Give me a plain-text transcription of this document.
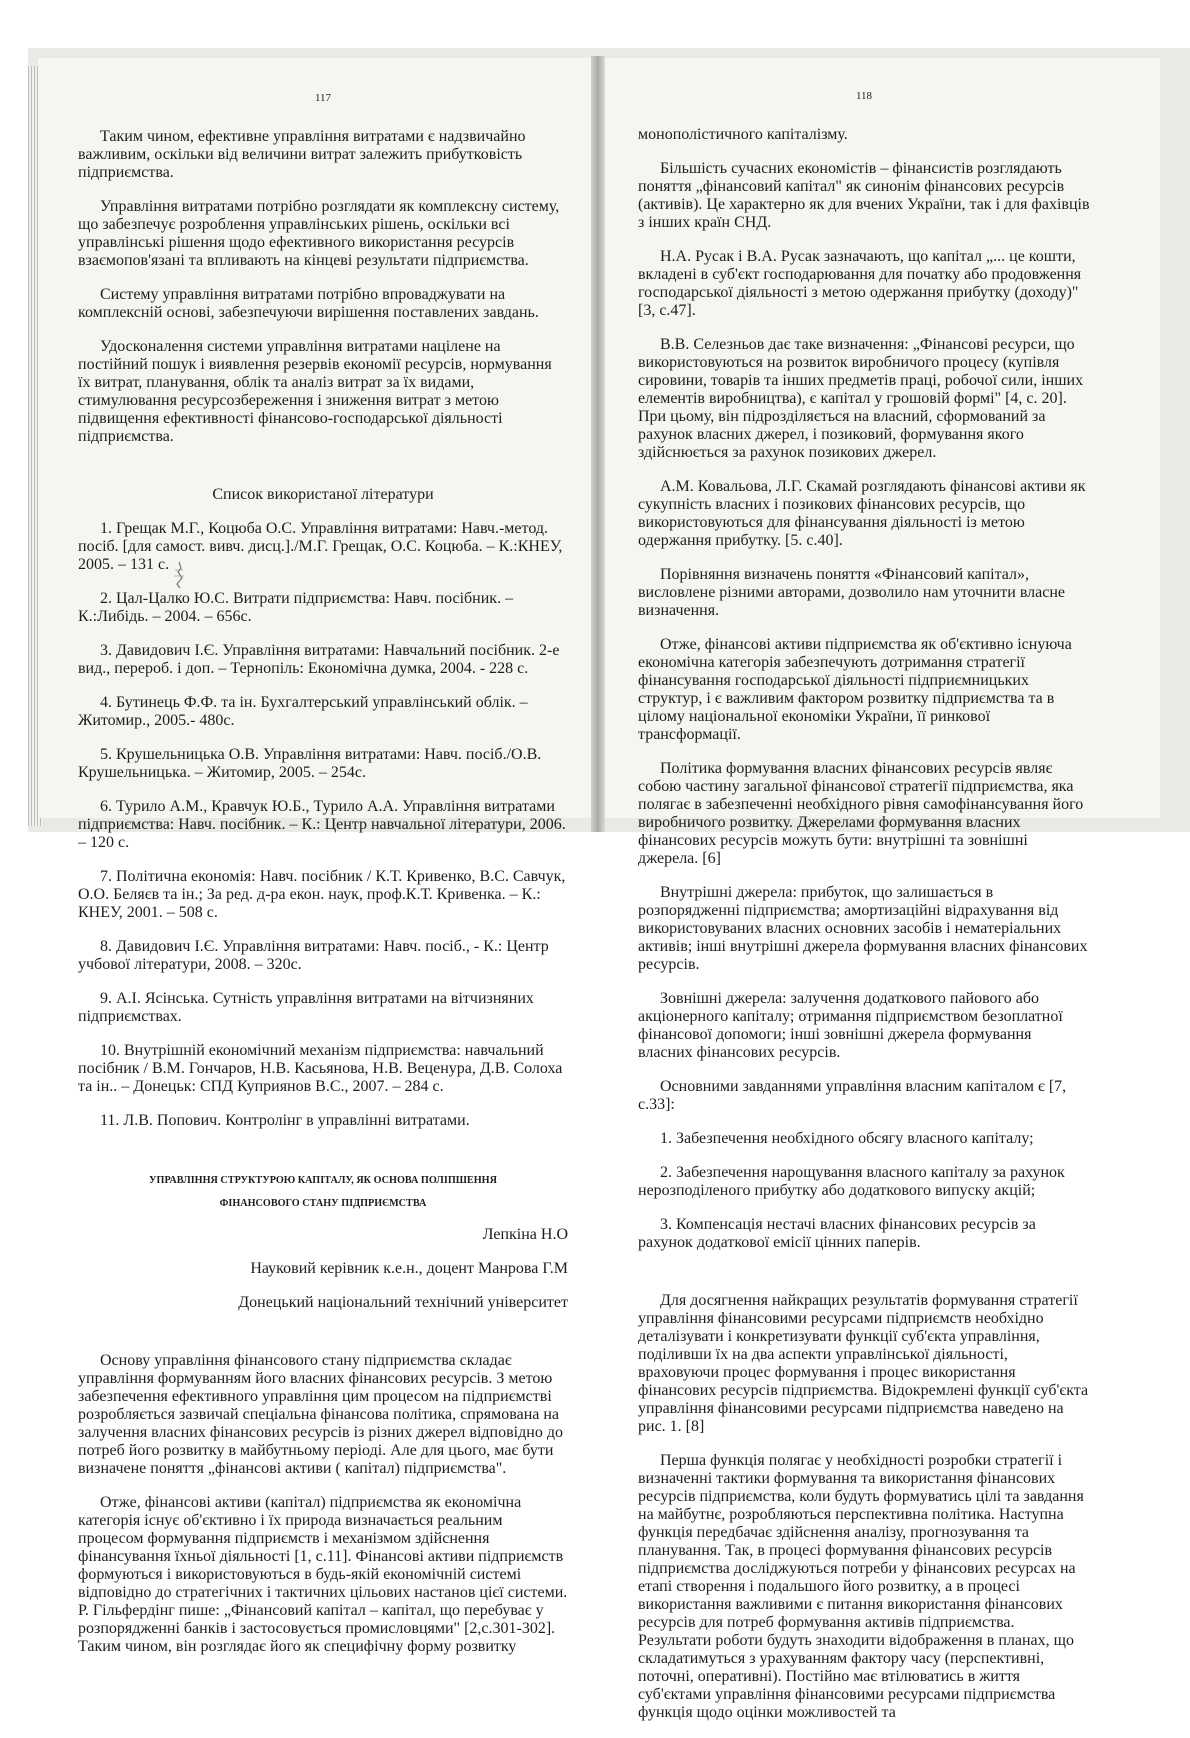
117

Таким чином, ефективне управління витратами є надзвичайно важливим, оскільки від величини витрат залежить прибутковість підприємства.

Управління витратами потрібно розглядати як комплексну систему, що забезпечує розроблення управлінських рішень, оскільки всі управлінські рішення щодо ефективного використання ресурсів взаємопов'язані та впливають на кінцеві результати підприємства.

Систему управління витратами потрібно впроваджувати на комплексній основі, забезпечуючи вирішення поставлених завдань.

Удосконалення системи управління витратами націлене на постійний пошук і виявлення резервів економії ресурсів, нормування їх витрат, планування, облік та аналіз витрат за їх видами, стимулювання ресурсозбереження і зниження витрат з метою підвищення ефективності фінансово-господарської діяльності підприємства.

Список використаної літератури

1. Грещак М.Г., Коцюба О.С. Управління витратами: Навч.-метод. посіб. [для самост. вивч. дисц.]./М.Г. Грещак, О.С. Коцюба. – К.:КНЕУ, 2005. – 131 с.

2. Цал-Цалко Ю.С. Витрати підприємства: Навч. посібник. – К.:Либідь. – 2004. – 656с.

3. Давидович І.Є. Управління витратами: Навчальний посібник. 2-е вид., перероб. і доп. – Тернопіль: Економічна думка, 2004. - 228 с.

4. Бутинець Ф.Ф. та ін. Бухгалтерський управлінський облік. – Житомир., 2005.- 480с.

5. Крушельницька О.В. Управління витратами: Навч. посіб./О.В. Крушельницька. – Житомир, 2005. – 254с.

6. Турило А.М., Кравчук Ю.Б., Турило А.А. Управління витратами підприємства: Навч. посібник. – К.: Центр навчальної літератури, 2006. – 120 с.

7. Політична економія: Навч. посібник / К.Т. Кривенко, В.С. Савчук, О.О. Беляєв та ін.; За ред. д-ра екон. наук, проф.К.Т. Кривенка. – К.: КНЕУ, 2001. – 508 с.

8. Давидович І.Є. Управління витратами: Навч. посіб., - К.: Центр учбової літератури, 2008. – 320с.

9. А.І. Ясінська. Сутність управління витратами на вітчизняних підприємствах.

10. Внутрішній економічний механізм підприємства: навчальний посібник / В.М. Гончаров, Н.В. Касьянова, Н.В. Веценура, Д.В. Солоха та ін.. – Донецьк: СПД Куприянов В.С., 2007. – 284 с.

11. Л.В. Попович. Контролінг в управлінні витратами.

УПРАВЛІННЯ СТРУКТУРОЮ КАПІТАЛУ, ЯК ОСНОВА ПОЛІПШЕННЯ

ФІНАНСОВОГО СТАНУ ПІДПРИЄМСТВА

Лепкіна Н.О

Науковий керівник к.е.н., доцент Манрова Г.М

Донецький національний технічний університет

Основу управління фінансового стану підприємства складає управління формуванням його власних фінансових ресурсів. З метою забезпечення ефективного управління цим процесом на підприємстві розробляється зазвичай спеціальна фінансова політика, спрямована на залучення власних фінансових ресурсів із різних джерел відповідно до потреб його розвитку в майбутньому періоді. Але для цього, має бути визначене поняття „фінансові активи ( капітал) підприємства".

Отже, фінансові активи (капітал) підприємства як економічна категорія існує об'єктивно і їх природа визначається реальним процесом формування підприємств і механізмом здійснення фінансування їхньої діяльності [1, с.11]. Фінансові активи підприємств формуються і використовуються в будь-якій економічній системі відповідно до стратегічних і тактичних цільових настанов цієї системи. Р. Гільфердінг пише: „Фінансовий капітал – капітал, що перебуває у розпорядженні банків і застосовується промисловцями" [2,с.301-302]. Таким чином, він розглядає його як специфічну форму розвитку

118

монополістичного капіталізму.

Більшість сучасних економістів – фінансистів розглядають поняття „фінансовий капітал" як синонім фінансових ресурсів (активів). Це характерно як для вчених України, так і для фахівців з інших країн СНД.

Н.А. Русак і В.А. Русак зазначають, що капітал „... це кошти, вкладені в суб'єкт господарювання для початку або продовження господарської діяльності з метою одержання прибутку (доходу)" [3, с.47].

В.В. Селезньов дає таке визначення: „Фінансові ресурси, що використовуються на розвиток виробничого процесу (купівля сировини, товарів та інших предметів праці, робочої сили, інших елементів виробництва), є капітал у грошовій формі" [4, с. 20]. При цьому, він підрозділяється на власний, сформований за рахунок власних джерел, і позиковий, формування якого здійснюється за рахунок позикових джерел.

А.М. Ковальова, Л.Г. Скамай розглядають фінансові активи як сукупність власних і позикових фінансових ресурсів, що використовуються для фінансування діяльності із метою одержання прибутку. [5. с.40].

Порівняння визначень поняття «Фінансовий капітал», висловлене різними авторами, дозволило нам уточнити власне визначення.

Отже, фінансові активи підприємства як об'єктивно існуюча економічна категорія забезпечують дотримання стратегії фінансування господарської діяльності підприємницьких структур, і є важливим фактором розвитку підприємства та в цілому національної економіки України, її ринкової трансформації.

Політика формування власних фінансових ресурсів являє собою частину загальної фінансової стратегії підприємства, яка полягає в забезпеченні необхідного рівня самофінансування його виробничого розвитку. Джерелами формування власних фінансових ресурсів можуть бути: внутрішні та зовнішні джерела. [6]

Внутрішні джерела: прибуток, що залишається в розпорядженні підприємства; амортизаційні відрахування від використовуваних власних основних засобів і нематеріальних активів; інші внутрішні джерела формування власних фінансових ресурсів.

Зовнішні джерела: залучення додаткового пайового або акціонерного капіталу; отримання підприємством безоплатної фінансової допомоги; інші зовнішні джерела формування власних фінансових ресурсів.

Основними завданнями управління власним капіталом є [7, с.33]:

1. Забезпечення необхідного обсягу власного капіталу;

2. Забезпечення нарощування власного капіталу за рахунок нерозподіленого прибутку або додаткового випуску акцій;

3. Компенсація нестачі власних фінансових ресурсів за рахунок додаткової емісії цінних паперів.

Для досягнення найкращих результатів формування стратегії управління фінансовими ресурсами підприємств необхідно деталізувати і конкретизувати функції суб'єкта управління, поділивши їх на два аспекти управлінської діяльності, враховуючи процес формування і процес використання фінансових ресурсів підприємства. Відокремлені функції суб'єкта управління фінансовими ресурсами підприємства наведено на рис. 1. [8]

Перша функція полягає у необхідності розробки стратегії і визначенні тактики формування та використання фінансових ресурсів підприємства, коли будуть формуватись цілі та завдання на майбутнє, розробляються перспективна політика. Наступна функція передбачає здійснення аналізу, прогнозування та планування. Так, в процесі формування фінансових ресурсів підприємства досліджуються потреби у фінансових ресурсах на етапі створення і подальшого його розвитку, а в процесі використання важливими є питання використання фінансових ресурсів для потреб формування активів підприємства. Результати роботи будуть знаходити відображення в планах, що складатимуться з урахуванням фактору часу (перспективні, поточні, оперативні). Постійно має втілюватись в життя суб'єктами управління фінансовими ресурсами підприємства функція щодо оцінки можливостей та
